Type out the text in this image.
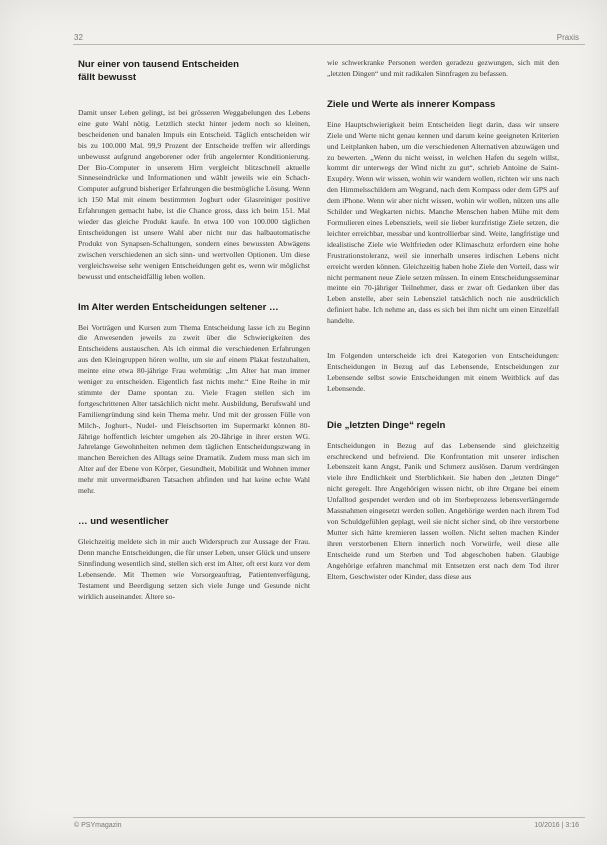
32	Praxis
Nur einer von tausend Entscheiden fällt bewusst

Damit unser Leben gelingt, ist bei grösseren Weggabelungen des Lebens eine gute Wahl nötig. Letztlich steckt hinter jedem noch so kleinen, bescheidenen und banalen Impuls ein Entscheid. Täglich entscheiden wir bis zu 100.000 Mal. 99,9 Prozent der Entscheide treffen wir allerdings unbewusst aufgrund angeborener oder früh angelernter Konditionierung. Der Bio-Computer in unserem Hirn vergleicht blitzschnell aktuelle Sinneseindrücke und Informationen und wählt jeweils wie ein Schach-Computer aufgrund bisheriger Erfahrungen die bestmögliche Lösung. Wenn ich 150 Mal mit einem bestimmten Joghurt oder Glasreiniger positive Erfahrungen gemacht habe, ist die Chance gross, dass ich beim 151. Mal wieder das gleiche Produkt kaufe. In etwa 100 von 100.000 täglichen Entscheidungen ist unsere Wahl aber nicht nur das halbautomatische Produkt von Synapsen-Schaltungen, sondern eines bewussten Abwägens zwischen verschiedenen an sich sinn- und wertvollen Optionen. Um diese vergleichsweise sehr wenigen Entscheidungen geht es, wenn wir möglichst bewusst und entscheidfällig leben wollen.

Im Alter werden Entscheidungen seltener …

Bei Vorträgen und Kursen zum Thema Entscheidung lasse ich zu Beginn die Anwesenden jeweils zu zweit über die Schwierigkeiten des Entscheidens austauschen. Als ich einmal die verschiedenen Erfahrungen aus den Kleingruppen hören wollte, um sie auf einem Plakat festzuhalten, meinte eine etwa 80-jährige Frau wehmütig: „Im Alter hat man immer weniger zu entscheiden. Eigentlich fast nichts mehr.“ Eine Reihe in mir stimmte der Dame spontan zu. Viele Fragen stellen sich im fortgeschrittenen Alter tatsächlich nicht mehr. Ausbildung, Berufswahl und Familiengründung sind kein Thema mehr. Und mit der grossen Fülle von Milch-, Joghurt-, Nudel- und Fleischsorten im Supermarkt können 80-Jährige hoffentlich leichter umgehen als 20-Jährige in ihrer ersten WG. Jahrelange Gewohnheiten nehmen dem täglichen Entscheidungszwang in manchen Bereichen des Alltags seine Dramatik. Zudem muss man sich im Alter auf der Ebene von Körper, Gesundheit, Mobilität und Wohnen immer mehr mit unvermeidbaren Tatsachen abfinden und hat keine echte Wahl mehr.

… und wesentlicher

Gleichzeitig meldete sich in mir auch Widerspruch zur Aussage der Frau. Denn manche Entscheidungen, die für unser Leben, unser Glück und unsere Sinnfindung wesentlich sind, stellen sich erst im Alter, oft erst kurz vor dem Lebensende. Mit Themen wie Vorsorgeauftrag, Patientenverfügung, Testament und Beerdigung setzen sich viele Junge und Gesunde nicht wirklich auseinander. Ältere so-

wie schwerkranke Personen werden geradezu gezwungen, sich mit den „letzten Dingen“ und mit radikalen Sinnfragen zu befassen.

Ziele und Werte als innerer Kompass

Eine Hauptschwierigkeit beim Entscheiden liegt darin, dass wir unsere Ziele und Werte nicht genau kennen und darum keine geeigneten Kriterien und Leitplanken haben, um die verschiedenen Alternativen abzuwägen und zu bewerten. „Wenn du nicht weisst, in welchen Hafen du segeln willst, kommt dir unterwegs der Wind nicht zu gut“, schrieb Antoine de Saint-Exupéry. Wenn wir wissen, wohin wir wandern wollen, richten wir uns nach den Himmelsschildern am Wegrand, nach dem Kompass oder dem GPS auf dem iPhone. Wenn wir aber nicht wissen, wohin wir wollen, nützen uns alle Schilder und Wegkarten nichts. Manche Menschen haben Mühe mit dem Formulieren eines Lebensziels, weil sie lieber kurzfristige Ziele setzen, die leichter erreichbar, messbar und kontrollierbar sind. Weite, langfristige und idealistische Ziele wie Weltfrieden oder Klimaschutz erfordern eine hohe Frustrationstoleranz, weil sie innerhalb unseres irdischen Lebens nicht erreicht werden können. Gleichzeitig haben hohe Ziele den Vorteil, dass wir nicht permanent neue Ziele setzen müssen. In einem Entscheidungsseminar meinte ein 70-jähriger Teilnehmer, dass er zwar oft Gedanken über das Leben anstelle, aber sein Lebensziel tatsächlich noch nie ausdrücklich definiert habe. Ich nehme an, dass es sich bei ihm nicht um einen Einzelfall handelte.

Im Folgenden unterscheide ich drei Kategorien von Entscheidungen: Entscheidungen in Bezug auf das Lebensende, Entscheidungen zur Lebensende selbst sowie Entscheidungen mit einem Weitblick auf das Lebensende.

Die „letzten Dinge“ regeln

Entscheidungen in Bezug auf das Lebensende sind gleichzeitig erschreckend und befreiend. Die Konfrontation mit unserer irdischen Lebenszeit kann Angst, Panik und Schmerz auslösen. Darum verdrängen viele ihre Endlichkeit und Sterblichkeit. Sie haben den „letzten Dinge“ nicht geregelt. Ihre Angehörigen wissen nicht, ob ihre Organe bei einem Unfalltod gespendet werden und ob im Sterbeprozess lebensverlängernde Massnahmen eingesetzt werden sollen. Angehörige werden nach ihrem Tod von Schuldgefühlen geplagt, weil sie nicht sicher sind, ob ihre verstorbene Mutter sich hätte kremieren lassen wollen. Nicht selten machen Kinder ihren verstorbenen Eltern innerlich noch Vorwürfe, weil diese alle Entscheide rund um Sterben und Tod abgeschoben haben. Glaubige Angehörige erfahren manchmal mit Entsetzen erst nach dem Tod ihrer Eltern, Geschwister oder Kinder, dass diese aus

© PSYmagazin	10/2016 | 3:16
